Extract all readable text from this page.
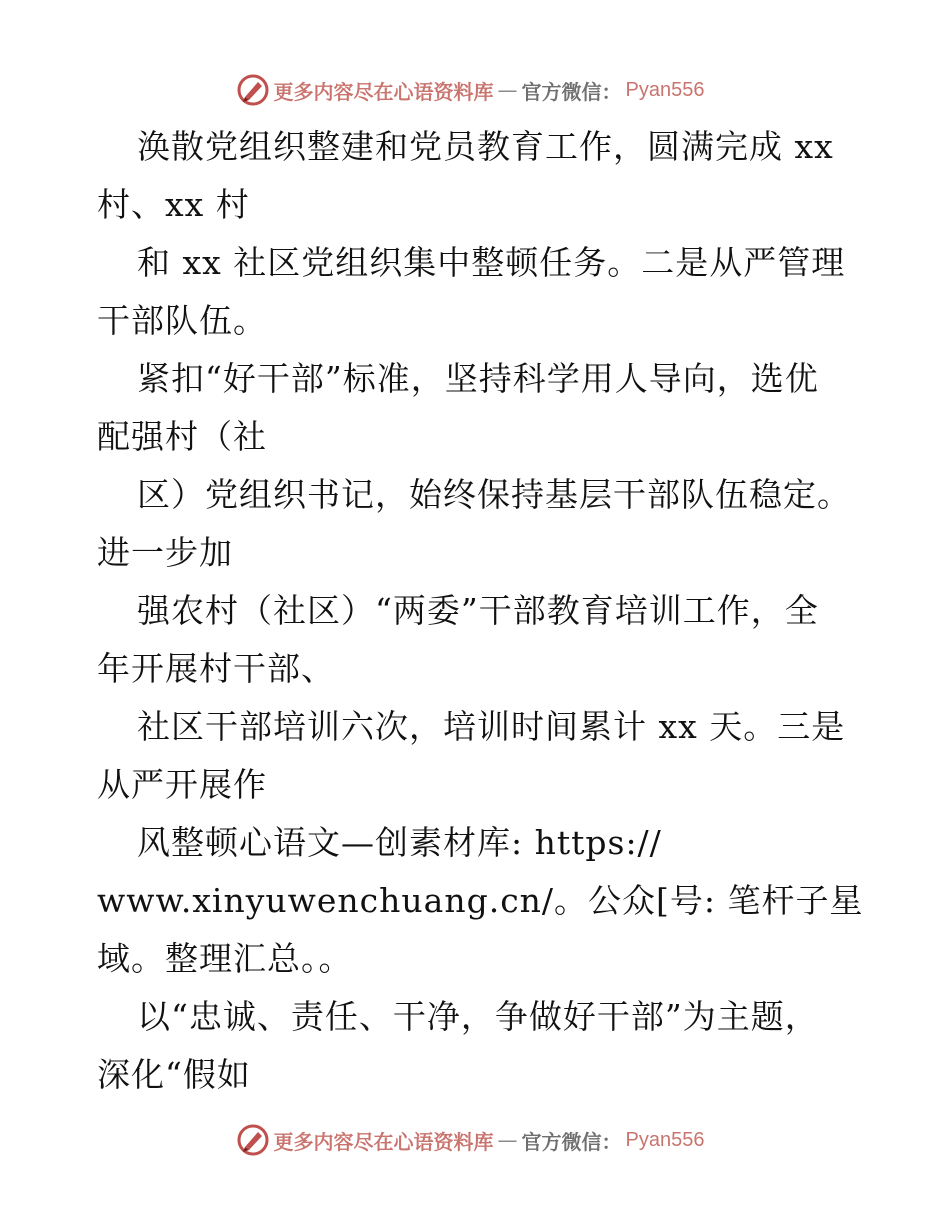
更多内容尽在心语资料库 — 官方微信： Pyan556
涣散党组织整建和党员教育工作，圆满完成 xx
村、xx 村
和 xx 社区党组织集中整顿任务。二是从严管理
干部队伍。
紧扣“好干部”标准，坚持科学用人导向，选优
配强村（社
区）党组织书记，始终保持基层干部队伍稳定。
进一步加
强农村（社区）“两委”干部教育培训工作，全
年开展村干部、
社区干部培训六次，培训时间累计 xx 天。三是
从严开展作
风整顿心语文—创素材库: https://
www.xinyuwenchuang.cn/。公众[号: 笔杆子星
域。整理汇总。。
以“忠诚、责任、干净，争做好干部”为主题，
深化“假如
更多内容尽在心语资料库 — 官方微信： Pyan556
